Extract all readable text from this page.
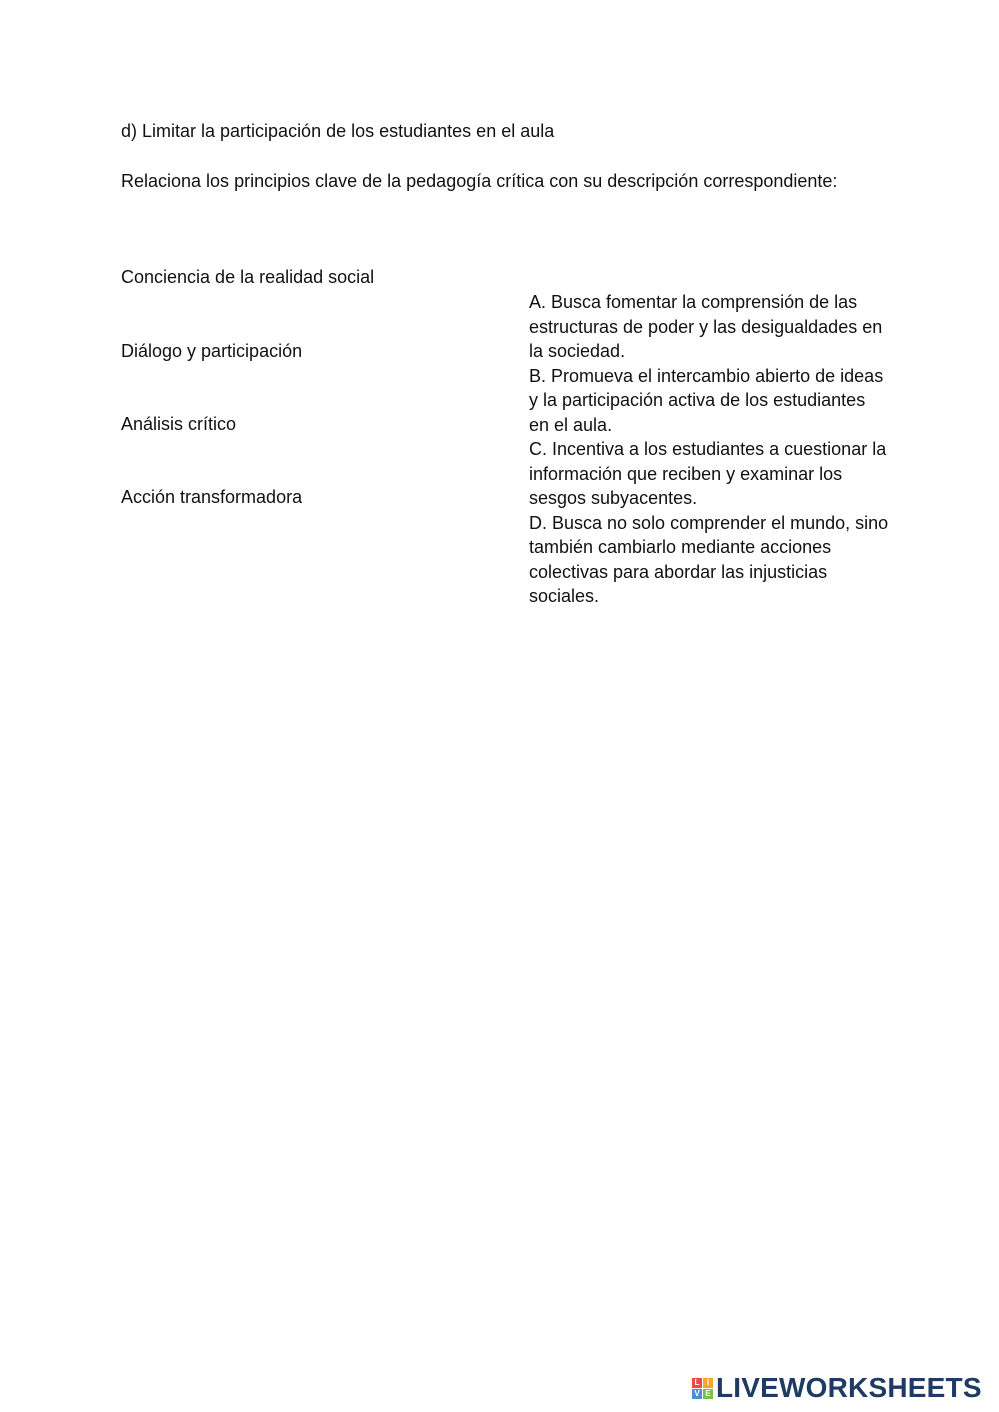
d) Limitar la participación de los estudiantes en el aula
Relaciona los principios clave de la pedagogía crítica con su descripción correspondiente:
Conciencia de la realidad social
Diálogo y participación
Análisis crítico
Acción transformadora

A. Busca fomentar la comprensión de las estructuras de poder y las desigualdades en la sociedad.

B. Promueva el intercambio abierto de ideas y la participación activa de los estudiantes en el aula.

C. Incentiva a los estudiantes a cuestionar la información que reciben y examinar los sesgos subyacentes.

D. Busca no solo comprender el mundo, sino también cambiarlo mediante acciones colectivas para abordar las injusticias sociales.

L I
V E LIVEWORKSHEETS
